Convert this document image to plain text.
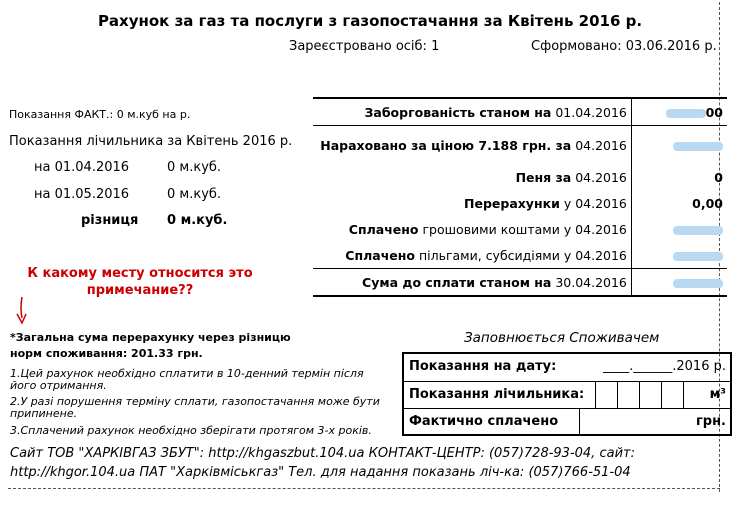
Рахунок за газ та послуги з газопостачання за Квітень 2016 р.
Зареєстровано осіб: 1	Сформовано: 03.06.2016 р.
Показання ФАКТ.: 0 м.куб на р.
Показання лічильника за Квітень 2016 р.
на 01.04.2016	0 м.куб.
на 01.05.2016	0 м.куб.
різниця 0 м.куб.
К какому месту относится это примечание??
*Загальна сума перерахунку через різницю норм споживання: 201.33 грн.
1.Цей рахунок необхідно сплатити в 10-денний термін після його отримання.
2.У разі порушення терміну сплати, газопостачання може бути припинене.
3.Сплачений рахунок необхідно зберігати протягом 3-х років.
Заборгованість станом на 01.04.2016	00
Нараховано за ціною 7.188 грн. за 04.2016	
Пеня за 04.2016	0
Перерахунки у 04.2016	0,00
Сплачено грошовими коштами у 04.2016	
Сплачено пільгами, субсидіями у 04.2016	
Сума до сплати станом на 30.04.2016	
Заповнюється Споживачем
Показання на дату:	____.______.2016 р.
Показання лічильника:	м³
Фактично сплачено	грн.
Сайт ТОВ "ХАРКІВГАЗ ЗБУТ": http://khgaszbut.104.ua КОНТАКТ-ЦЕНТР: (057)728-93-04, сайт:
http://khgor.104.ua ПАТ "Харківміськгаз" Тел. для надання показань ліч-ка: (057)766-51-04
